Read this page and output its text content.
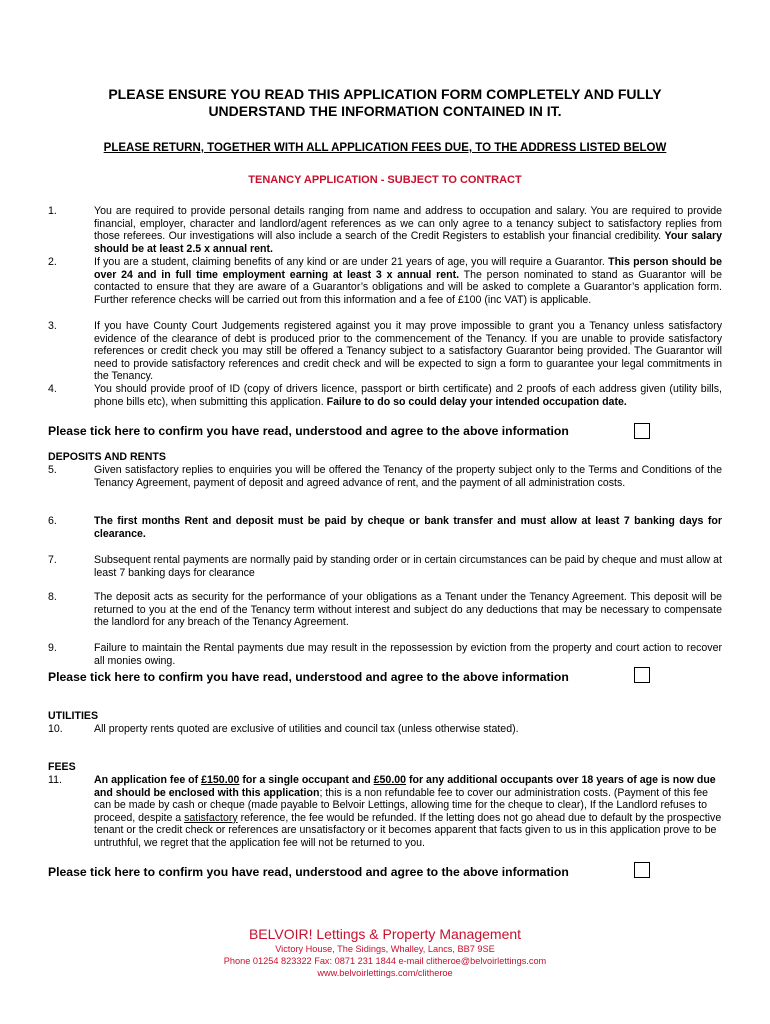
PLEASE ENSURE YOU READ THIS APPLICATION FORM COMPLETELY AND FULLY
UNDERSTAND THE INFORMATION CONTAINED IN IT.
PLEASE RETURN, TOGETHER WITH ALL APPLICATION FEES DUE, TO THE ADDRESS LISTED BELOW
TENANCY APPLICATION - SUBJECT TO CONTRACT
1.	You are required to provide personal details ranging from name and address to occupation and salary. You are required to provide financial, employer, character and landlord/agent references as we can only agree to a tenancy subject to satisfactory replies from those referees. Our investigations will also include a search of the Credit Registers to establish your financial credibility. Your salary should be at least 2.5 x annual rent.
2.	If you are a student, claiming benefits of any kind or are under 21 years of age, you will require a Guarantor. This person should be over 24 and in full time employment earning at least 3 x annual rent. The person nominated to stand as Guarantor will be contacted to ensure that they are aware of a Guarantor’s obligations and will be asked to complete a Guarantor’s application form. Further reference checks will be carried out from this information and a fee of £100 (inc VAT) is applicable.
3.	If you have County Court Judgements registered against you it may prove impossible to grant you a Tenancy unless satisfactory evidence of the clearance of debt is produced prior to the commencement of the Tenancy. If you are unable to provide satisfactory references or credit check you may still be offered a Tenancy subject to a satisfactory Guarantor being provided. The Guarantor will need to provide satisfactory references and credit check and will be expected to sign a form to guarantee your legal commitments in the Tenancy.
4.	You should provide proof of ID (copy of drivers licence, passport or birth certificate) and 2 proofs of each address given (utility bills, phone bills etc), when submitting this application. Failure to do so could delay your intended occupation date.
Please tick here to confirm you have read, understood and agree to the above information
DEPOSITS AND RENTS
5.	Given satisfactory replies to enquiries you will be offered the Tenancy of the property subject only to the Terms and Conditions of the Tenancy Agreement, payment of deposit and agreed advance of rent, and the payment of all administration costs.
6.	The first months Rent and deposit must be paid by cheque or bank transfer and must allow at least 7 banking days for clearance.
7.	Subsequent rental payments are normally paid by standing order or in certain circumstances can be paid by cheque and must allow at least 7 banking days for clearance
8.	The deposit acts as security for the performance of your obligations as a Tenant under the Tenancy Agreement. This deposit will be returned to you at the end of the Tenancy term without interest and subject do any deductions that may be necessary to compensate the landlord for any breach of the Tenancy Agreement.
9.	Failure to maintain the Rental payments due may result in the repossession by eviction from the property and court action to recover all monies owing.
Please tick here to confirm you have read, understood and agree to the above information
UTILITIES
10.	All property rents quoted are exclusive of utilities and council tax (unless otherwise stated).
FEES
11.	An application fee of £150.00 for a single occupant and £50.00 for any additional occupants over 18 years of age is now due and should be enclosed with this application; this is a non refundable fee to cover our administration costs. (Payment of this fee can be made by cash or cheque (made payable to Belvoir Lettings, allowing time for the cheque to clear), If the Landlord refuses to proceed, despite a satisfactory reference, the fee would be refunded. If the letting does not go ahead due to default by the prospective tenant or the credit check or references are unsatisfactory or it becomes apparent that facts given to us in this application prove to be untruthful, we regret that the application fee will not be returned to you.
Please tick here to confirm you have read, understood and agree to the above information
BELVOIR! Lettings & Property Management
Victory House, The Sidings, Whalley, Lancs, BB7 9SE
Phone 01254 823322 Fax: 0871 231 1844 e-mail clitheroe@belvoirlettings.com
www.belvoirlettings.com/clitheroe
